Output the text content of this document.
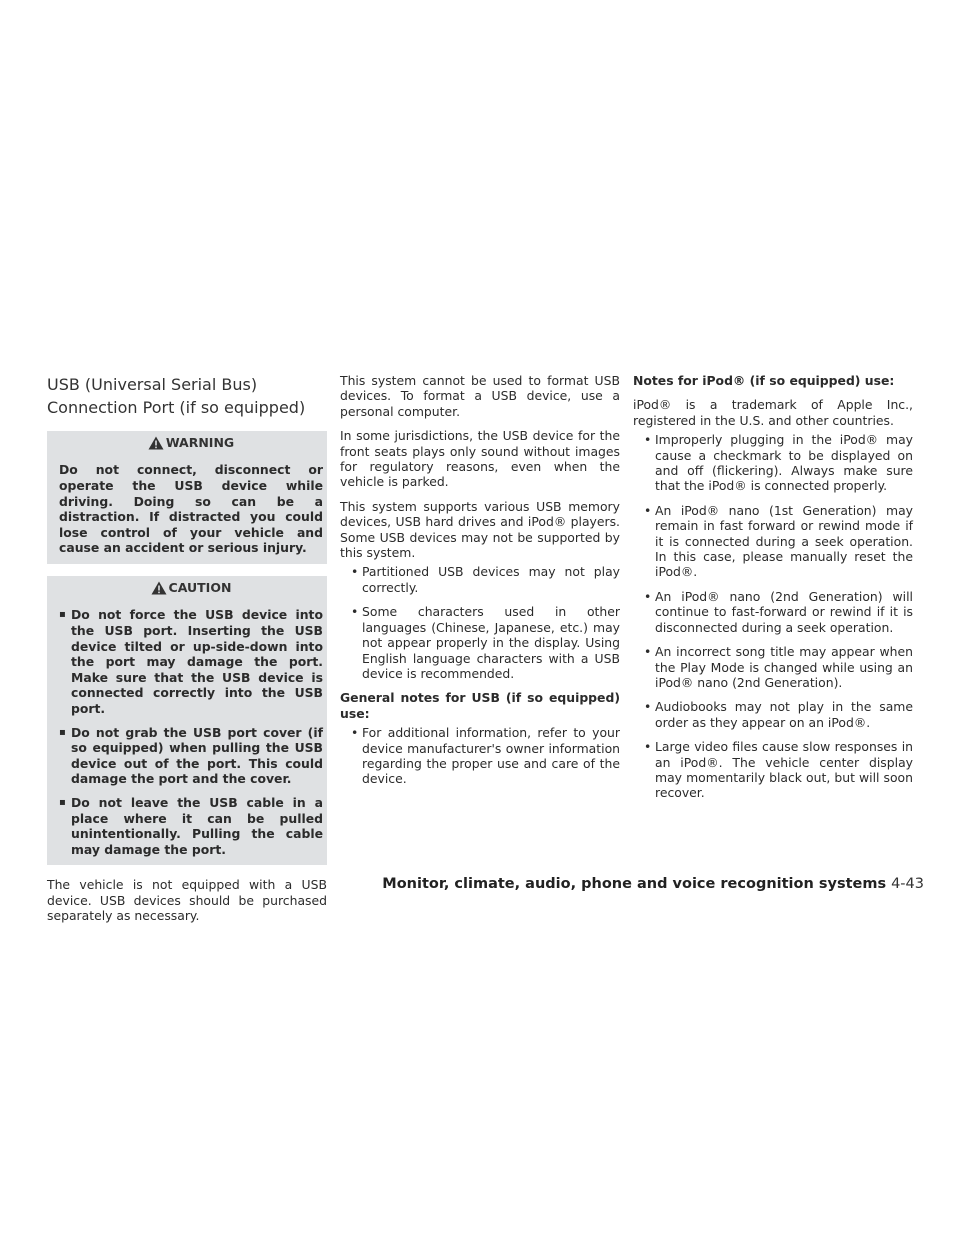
USB (Universal Serial Bus)
Connection Port (if so equipped)
WARNING
Do not connect, disconnect or operate the USB device while driving. Doing so can be a distraction. If distracted you could lose control of your vehicle and cause an accident or serious injury.
CAUTION
▪ Do not force the USB device into the USB port. Inserting the USB device tilted or up-side-down into the port may damage the port. Make sure that the USB device is connected correctly into the USB port.
▪ Do not grab the USB port cover (if so equipped) when pulling the USB device out of the port. This could damage the port and the cover.
▪ Do not leave the USB cable in a place where it can be pulled unintentionally. Pulling the cable may damage the port.

The vehicle is not equipped with a USB device. USB devices should be purchased separately as necessary.

This system cannot be used to format USB devices. To format a USB device, use a personal computer.

In some jurisdictions, the USB device for the front seats plays only sound without images for regulatory reasons, even when the vehicle is parked.

This system supports various USB memory devices, USB hard drives and iPod® players. Some USB devices may not be supported by this system.

• Partitioned USB devices may not play correctly.
• Some characters used in other languages (Chinese, Japanese, etc.) may not appear properly in the display. Using English language characters with a USB device is recommended.

General notes for USB (if so equipped) use:

• For additional information, refer to your device manufacturer's owner information regarding the proper use and care of the device.

Notes for iPod® (if so equipped) use:

iPod® is a trademark of Apple Inc., registered in the U.S. and other countries.

• Improperly plugging in the iPod® may cause a checkmark to be displayed on and off (flickering). Always make sure that the iPod® is connected properly.
• An iPod® nano (1st Generation) may remain in fast forward or rewind mode if it is connected during a seek operation. In this case, please manually reset the iPod®.
• An iPod® nano (2nd Generation) will continue to fast-forward or rewind if it is disconnected during a seek operation.
• An incorrect song title may appear when the Play Mode is changed while using an iPod® nano (2nd Generation).
• Audiobooks may not play in the same order as they appear on an iPod®.
• Large video files cause slow responses in an iPod®. The vehicle center display may momentarily black out, but will soon recover.
Monitor, climate, audio, phone and voice recognition systems 4-43
